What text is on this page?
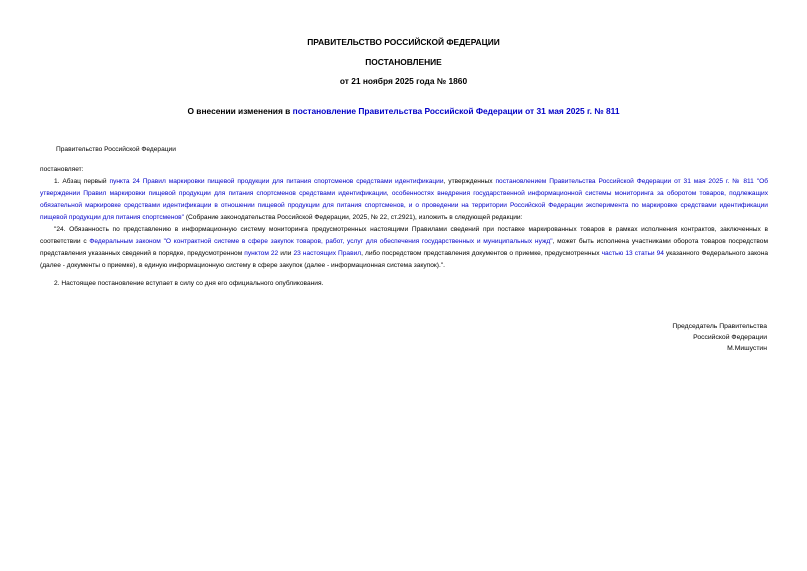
ПРАВИТЕЛЬСТВО РОССИЙСКОЙ ФЕДЕРАЦИИ
ПОСТАНОВЛЕНИЕ
от 21 ноября 2025 года № 1860
О внесении изменения в постановление Правительства Российской Федерации от 31 мая 2025 г. № 811
Правительство Российской Федерации
постановляет:
1. Абзац первый пункта 24 Правил маркировки пищевой продукции для питания спортсменов средствами идентификации, утвержденных постановлением Правительства Российской Федерации от 31 мая 2025 г. № 811 "Об утверждении Правил маркировки пищевой продукции для питания спортсменов средствами идентификации, особенностях внедрения государственной информационной системы мониторинга за оборотом товаров, подлежащих обязательной маркировке средствами идентификации в отношении пищевой продукции для питания спортсменов, и о проведении на территории Российской Федерации эксперимента по маркировке средствами идентификации пищевой продукции для питания спортсменов" (Собрание законодательства Российской Федерации, 2025, № 22, ст.2921), изложить в следующей редакции:
"24. Обязанность по представлению в информационную систему мониторинга предусмотренных настоящими Правилами сведений при поставке маркированных товаров в рамках исполнения контрактов, заключенных в соответствии с Федеральным законом "О контрактной системе в сфере закупок товаров, работ, услуг для обеспечения государственных и муниципальных нужд", может быть исполнена участниками оборота товаров посредством представления указанных сведений в порядке, предусмотренном пунктом 22 или 23 настоящих Правил, либо посредством представления документов о приемке, предусмотренных частью 13 статьи 94 указанного Федерального закона (далее - документы о приемке), в единую информационную систему в сфере закупок (далее - информационная система закупок).".
2. Настоящее постановление вступает в силу со дня его официального опубликования.
Председатель Правительства
Российской Федерации
М.Мишустин
